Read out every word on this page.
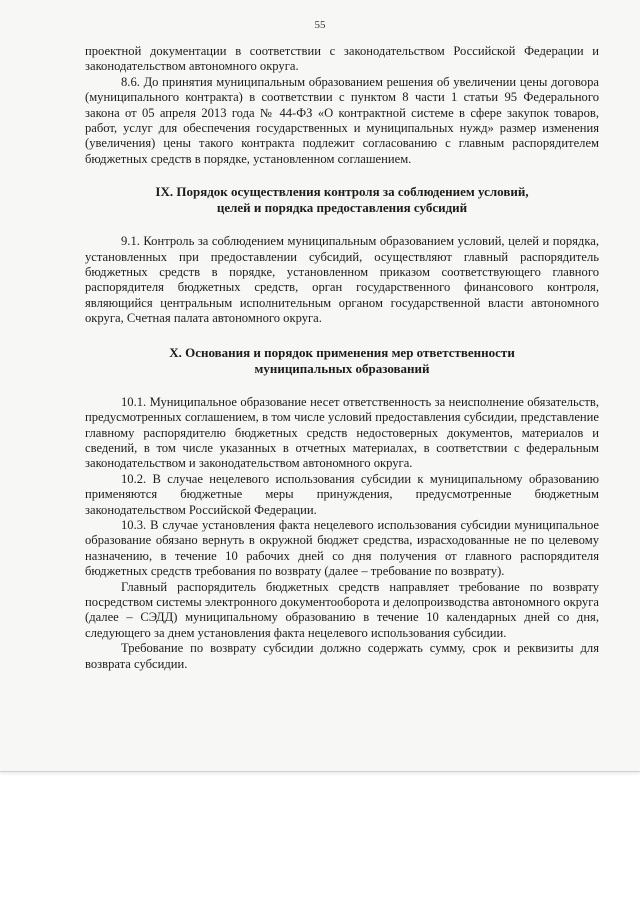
55

проектной документации в соответствии с законодательством Российской Федерации и законодательством автономного округа.

8.6. До принятия муниципальным образованием решения об увеличении цены договора (муниципального контракта) в соответствии с пунктом 8 части 1 статьи 95 Федерального закона от 05 апреля 2013 года № 44-ФЗ «О контрактной системе в сфере закупок товаров, работ, услуг для обеспечения государственных и муниципальных нужд» размер изменения (увеличения) цены такого контракта подлежит согласованию с главным распорядителем бюджетных средств в порядке, установленном соглашением.

IX. Порядок осуществления контроля за соблюдением условий,
целей и порядка предоставления субсидий

9.1. Контроль за соблюдением муниципальным образованием условий, целей и порядка, установленных при предоставлении субсидий, осуществляют главный распорядитель бюджетных средств в порядке, установленном приказом соответствующего главного распорядителя бюджетных средств, орган государственного финансового контроля, являющийся центральным исполнительным органом государственной власти автономного округа, Счетная палата автономного округа.

X. Основания и порядок применения мер ответственности
муниципальных образований

10.1. Муниципальное образование несет ответственность за неисполнение обязательств, предусмотренных соглашением, в том числе условий предоставления субсидии, представление главному распорядителю бюджетных средств недостоверных документов, материалов и сведений, в том числе указанных в отчетных материалах, в соответствии с федеральным законодательством и законодательством автономного округа.

10.2. В случае нецелевого использования субсидии к муниципальному образованию применяются бюджетные меры принуждения, предусмотренные бюджетным законодательством Российской Федерации.

10.3. В случае установления факта нецелевого использования субсидии муниципальное образование обязано вернуть в окружной бюджет средства, израсходованные не по целевому назначению, в течение 10 рабочих дней со дня получения от главного распорядителя бюджетных средств требования по возврату (далее – требование по возврату).

Главный распорядитель бюджетных средств направляет требование по возврату посредством системы электронного документооборота и делопроизводства автономного округа (далее – СЭДД) муниципальному образованию в течение 10 календарных дней со дня, следующего за днем установления факта нецелевого использования субсидии.

Требование по возврату субсидии должно содержать сумму, срок и реквизиты для возврата субсидии.
